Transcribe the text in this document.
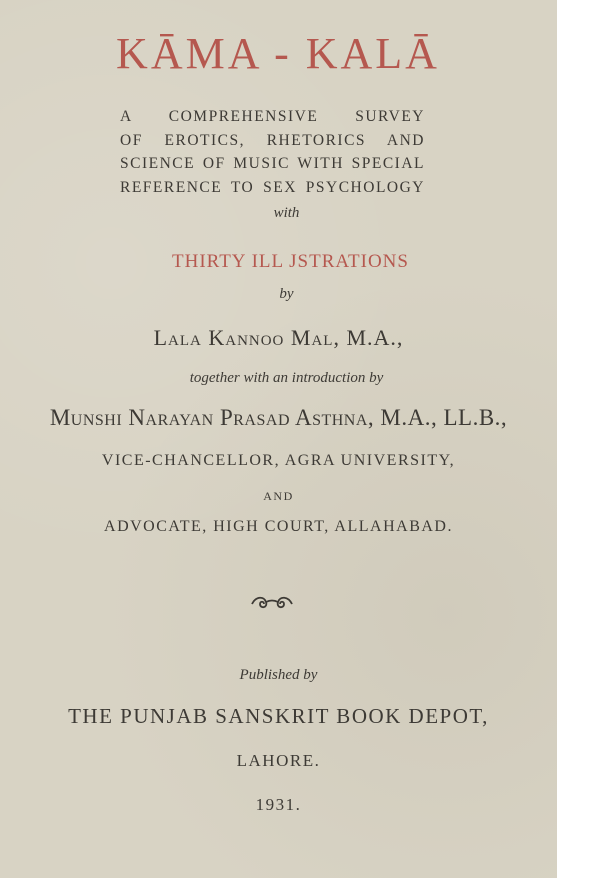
KĀMA - KALĀ
A COMPREHENSIVE SURVEY
OF EROTICS, RHETORICS AND
SCIENCE OF MUSIC WITH SPECIAL
REFERENCE TO SEX PSYCHOLOGY
with
THIRTY ILL JSTRATIONS
by
Lala Kannoo Mal, M.A.,
together with an introduction by
Munshi Narayan Prasad Asthna, M.A., LL.B.,
VICE-CHANCELLOR, AGRA UNIVERSITY,
AND
ADVOCATE, HIGH COURT, ALLAHABAD.
Published by
THE PUNJAB SANSKRIT BOOK DEPOT,
LAHORE.
1931.
